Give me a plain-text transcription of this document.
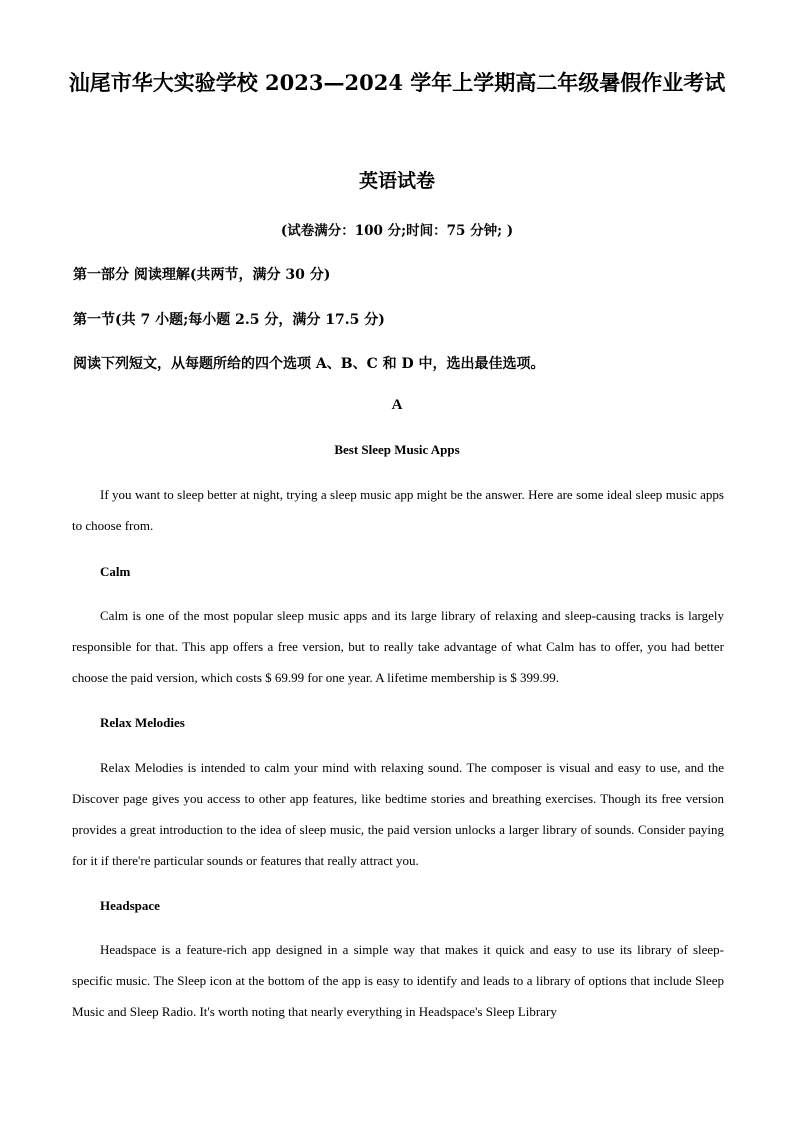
汕尾市华大实验学校 2023—2024 学年上学期高二年级暑假作业考试
英语试卷

(试卷满分：100 分;时间：75 分钟; )

第一部分 阅读理解(共两节，满分 30 分)

第一节(共 7 小题;每小题 2.5 分，满分 17.5 分)

阅读下列短文，从每题所给的四个选项 A、B、C 和 D 中，选出最佳选项。

A

Best Sleep Music Apps

If you want to sleep better at night, trying a sleep music app might be the answer. Here are some ideal sleep music apps to choose from.

Calm

Calm is one of the most popular sleep music apps and its large library of relaxing and sleep-causing tracks is largely responsible for that. This app offers a free version, but to really take advantage of what Calm has to offer, you had better choose the paid version, which costs $ 69.99 for one year. A lifetime membership is $ 399.99.

Relax Melodies

Relax Melodies is intended to calm your mind with relaxing sound. The composer is visual and easy to use, and the Discover page gives you access to other app features, like bedtime stories and breathing exercises. Though its free version provides a great introduction to the idea of sleep music, the paid version unlocks a larger library of sounds. Consider paying for it if there're particular sounds or features that really attract you.

Headspace

Headspace is a feature-rich app designed in a simple way that makes it quick and easy to use its library of sleep-specific music. The Sleep icon at the bottom of the app is easy to identify and leads to a library of options that include Sleep Music and Sleep Radio. It's worth noting that nearly everything in Headspace's Sleep Library
